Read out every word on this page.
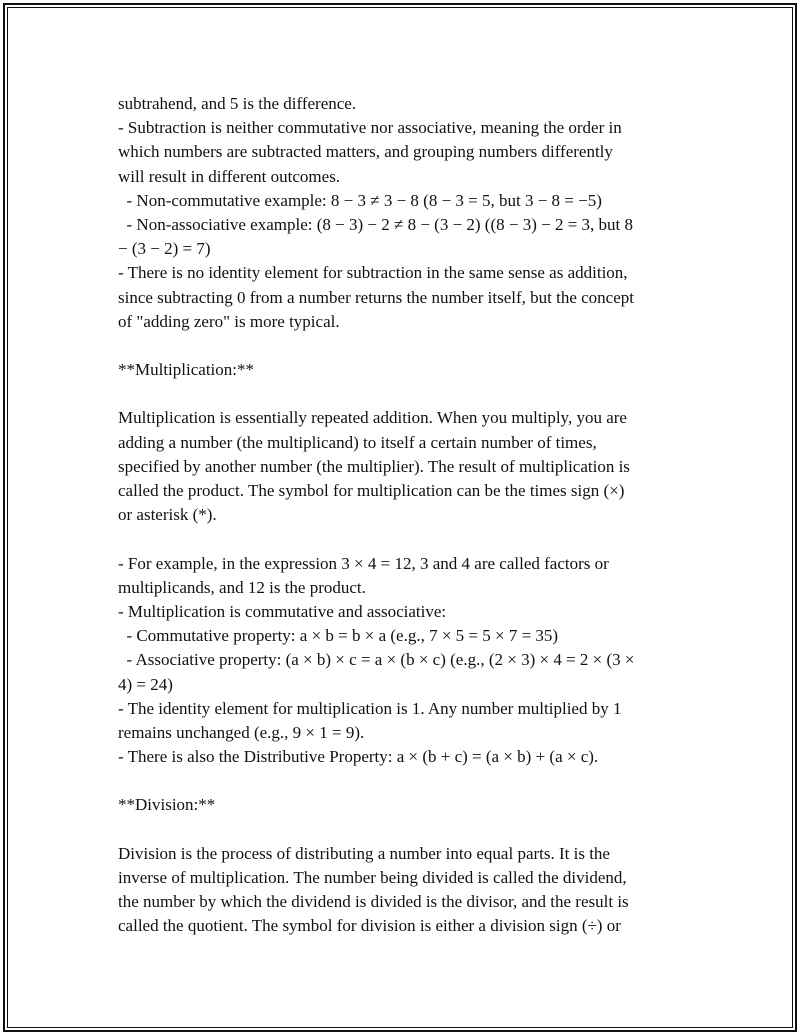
subtrahend, and 5 is the difference.
- Subtraction is neither commutative nor associative, meaning the order in
which numbers are subtracted matters, and grouping numbers differently
will result in different outcomes.
- Non-commutative example: 8 − 3 ≠ 3 − 8 (8 − 3 = 5, but 3 − 8 = −5)
- Non-associative example: (8 − 3) − 2 ≠ 8 − (3 − 2) ((8 − 3) − 2 = 3, but 8
− (3 − 2) = 7)
- There is no identity element for subtraction in the same sense as addition,
since subtracting 0 from a number returns the number itself, but the concept
of "adding zero" is more typical.
**Multiplication:**
Multiplication is essentially repeated addition. When you multiply, you are
adding a number (the multiplicand) to itself a certain number of times,
specified by another number (the multiplier). The result of multiplication is
called the product. The symbol for multiplication can be the times sign (×)
or asterisk (*).
- For example, in the expression 3 × 4 = 12, 3 and 4 are called factors or
multiplicands, and 12 is the product.
- Multiplication is commutative and associative:
- Commutative property: a × b = b × a (e.g., 7 × 5 = 5 × 7 = 35)
- Associative property: (a × b) × c = a × (b × c) (e.g., (2 × 3) × 4 = 2 × (3 ×
4) = 24)
- The identity element for multiplication is 1. Any number multiplied by 1
remains unchanged (e.g., 9 × 1 = 9).
- There is also the Distributive Property: a × (b + c) = (a × b) + (a × c).
**Division:**
Division is the process of distributing a number into equal parts. It is the
inverse of multiplication. The number being divided is called the dividend,
the number by which the dividend is divided is the divisor, and the result is
called the quotient. The symbol for division is either a division sign (÷) or
